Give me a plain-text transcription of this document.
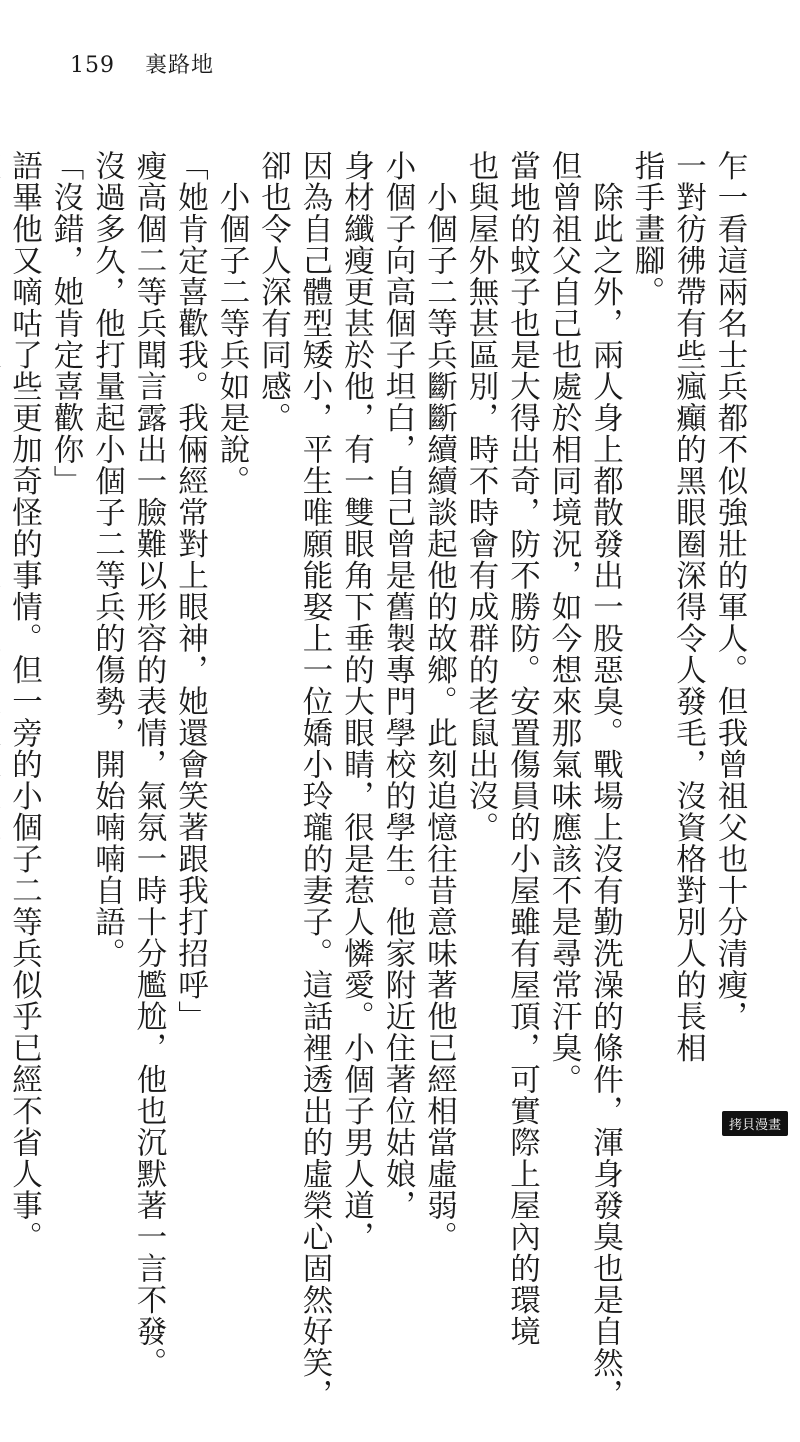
159 裏路地
乍一看這兩名士兵都不似強壯的軍人。但我曾祖父也十分清瘦，
一對彷彿帶有些瘋癲的黑眼圈深得令人發毛，沒資格對別人的長相
指手畫腳。
　除此之外，兩人身上都散發出一股惡臭。戰場上沒有勤洗澡的條件，渾身發臭也是自然，
但曾祖父自己也處於相同境況，如今想來那氣味應該不是尋常汗臭。
當地的蚊子也是大得出奇，防不勝防。安置傷員的小屋雖有屋頂，可實際上屋內的環境
也與屋外無甚區別，時不時會有成群的老鼠出沒。
　小個子二等兵斷斷續續談起他的故鄉。此刻追憶往昔意味著他已經相當虛弱。
小個子向高個子坦白，自己曾是舊製專門學校的學生。他家附近住著位姑娘，
身材纖瘦更甚於他，有一雙眼角下垂的大眼睛，很是惹人憐愛。小個子男人道，
因為自己體型矮小，平生唯願能娶上一位嬌小玲瓏的妻子。這話裡透出的虛榮心固然好笑，
卻也令人深有同感。
　小個子二等兵如是說。
「她肯定喜歡我。我倆經常對上眼神，她還會笑著跟我打招呼」
瘦高個二等兵聞言露出一臉難以形容的表情，氣氛一時十分尷尬，他也沉默著一言不發。
沒過多久，他打量起小個子二等兵的傷勢，開始喃喃自語。
「沒錯，她肯定喜歡你」
語畢他又嘀咕了些更加奇怪的事情。但一旁的小個子二等兵似乎已經不省人事。	拷貝漫畫
